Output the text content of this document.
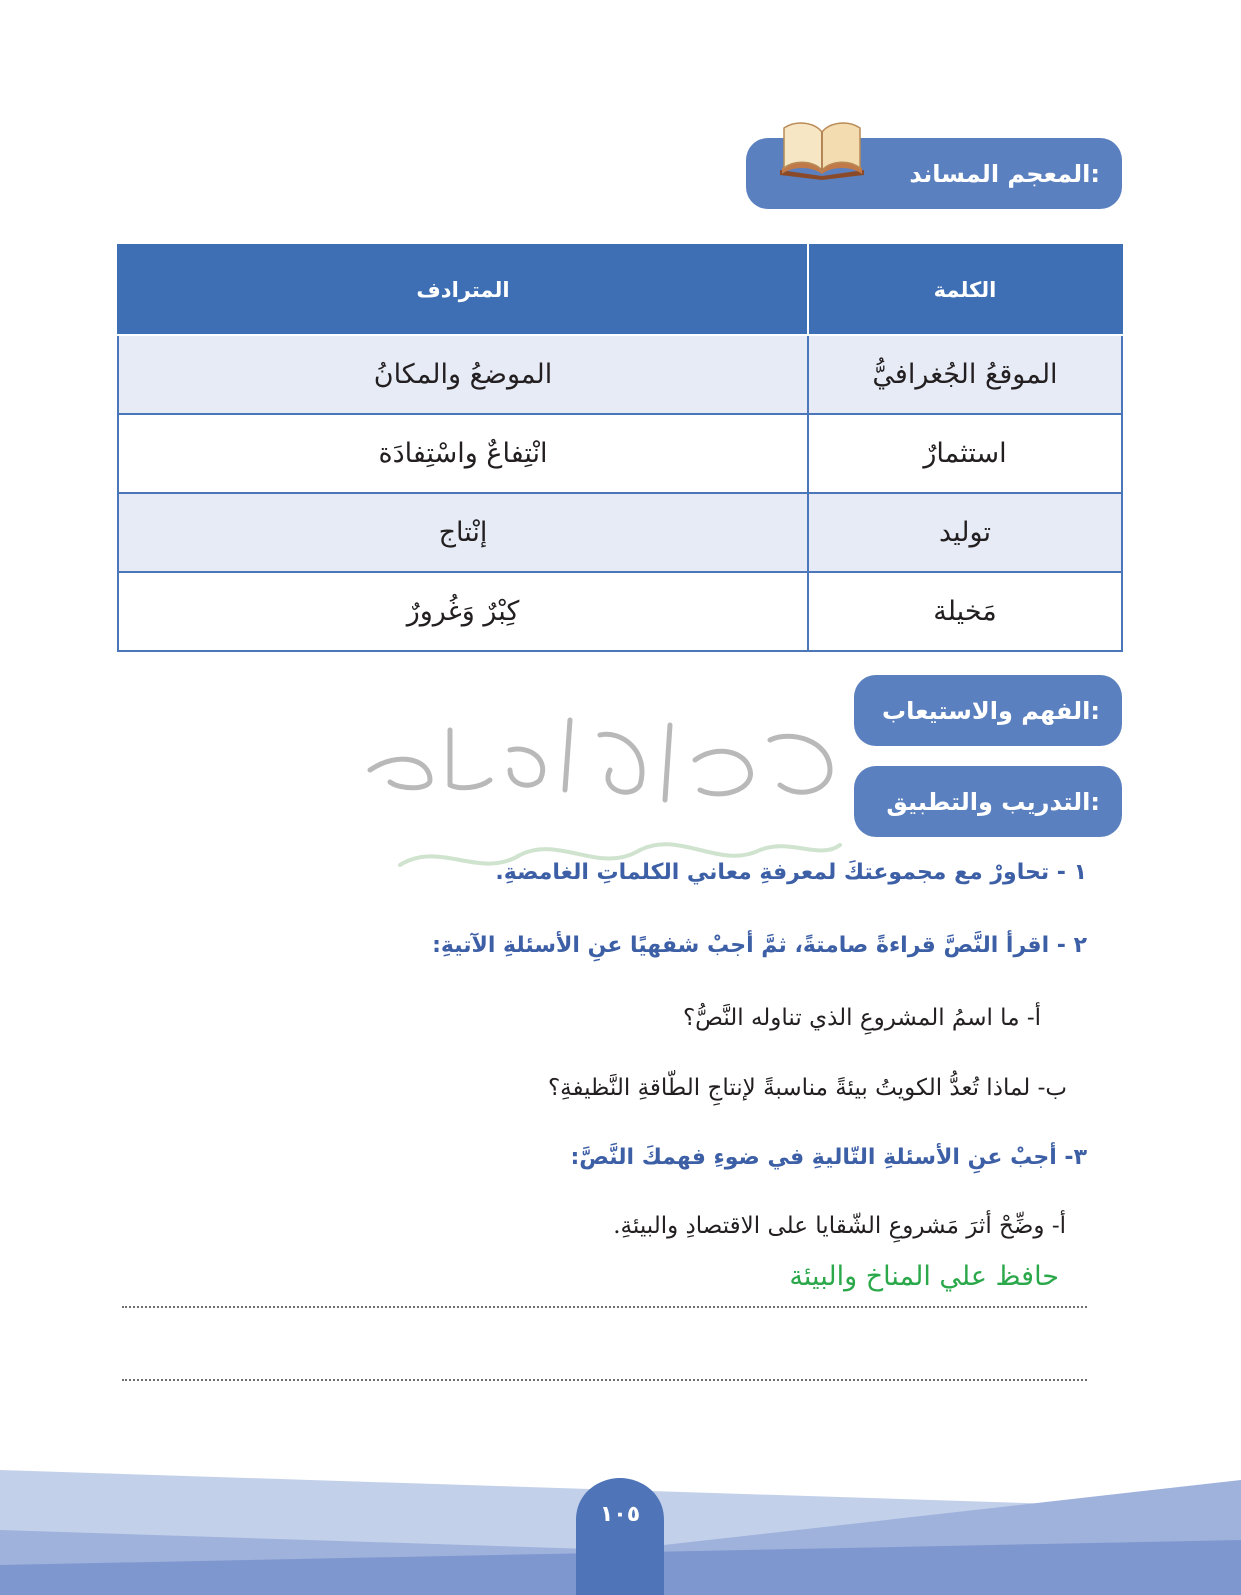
المعجم المساند:
الكلمة	المترادف
الموقعُ الجُغرافيُّ	الموضعُ والمكانُ
استثمارٌ	انْتِفاعٌ واسْتِفادَة
توليد	إنْتاج
مَخيلة	كِبْرٌ وَغُرورٌ
الفهم والاستيعاب:
التدريب والتطبيق:
١ - تحاورْ مع مجموعتكَ لمعرفةِ معاني الكلماتِ الغامضةِ.
٢ - اقرأ النَّصَّ قراءةً صامتةً، ثمَّ أجبْ شفهيًا عنِ الأسئلةِ الآتيةِ:
أ- ما اسمُ المشروعِ الذي تناوله النَّصُّ؟
ب- لماذا تُعدُّ الكويتُ بيئةً مناسبةً لإنتاجِ الطّاقةِ النَّظيفةِ؟
٣- أجبْ عنِ الأسئلةِ التّاليةِ في ضوءِ فهمكَ النَّصَّ:
أ- وضِّحْ أثرَ مَشروعِ الشّقايا على الاقتصادِ والبيئةِ.
حافظ علي المناخ والبيئة
١٠٥
